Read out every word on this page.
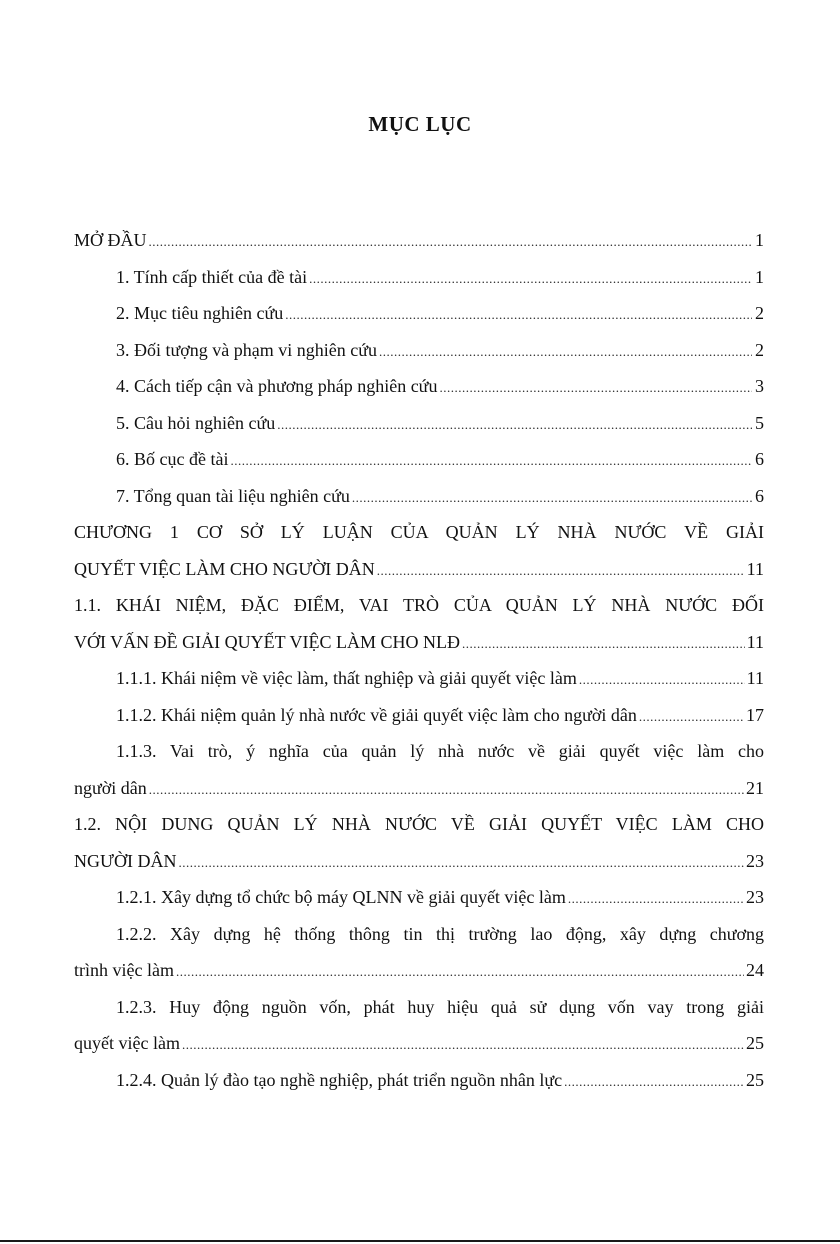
MỤC LỤC
MỞ ĐẦU .....	1
1. Tính cấp thiết của đề tài .....	1
2. Mục tiêu nghiên cứu .....	2
3. Đối tượng và phạm vi nghiên cứu .....	2
4. Cách tiếp cận và phương pháp nghiên cứu .....	3
5. Câu hỏi nghiên cứu .....	5
6. Bố cục đề tài .....	6
7. Tổng quan tài liệu nghiên cứu .....	6
CHƯƠNG 1 CƠ SỞ LÝ LUẬN CỦA QUẢN LÝ NHÀ NƯỚC VỀ GIẢI
QUYẾT VIỆC LÀM CHO NGƯỜI DÂN .....	11
1.1. KHÁI NIỆM, ĐẶC ĐIỂM, VAI TRÒ CỦA QUẢN LÝ NHÀ NƯỚC ĐỐI
VỚI VẤN ĐỀ GIẢI QUYẾT VIỆC LÀM CHO NLĐ .....	11
1.1.1. Khái niệm về việc làm, thất nghiệp và giải quyết việc làm .....	11
1.1.2. Khái niệm quản lý nhà nước về giải quyết việc làm cho người dân .....	17
1.1.3. Vai trò, ý nghĩa của quản lý nhà nước về giải quyết việc làm cho
người dân .....	21
1.2. NỘI DUNG QUẢN LÝ NHÀ NƯỚC VỀ GIẢI QUYẾT VIỆC LÀM CHO
NGƯỜI DÂN .....	23
1.2.1. Xây dựng tổ chức bộ máy QLNN về giải quyết việc làm .....	23
1.2.2. Xây dựng hệ thống thông tin thị trường lao động, xây dựng chương
trình việc làm .....	24
1.2.3. Huy động nguồn vốn, phát huy hiệu quả sử dụng vốn vay trong giải
quyết việc làm .....	25
1.2.4. Quản lý đào tạo nghề nghiệp, phát triển nguồn nhân lực .....	25
